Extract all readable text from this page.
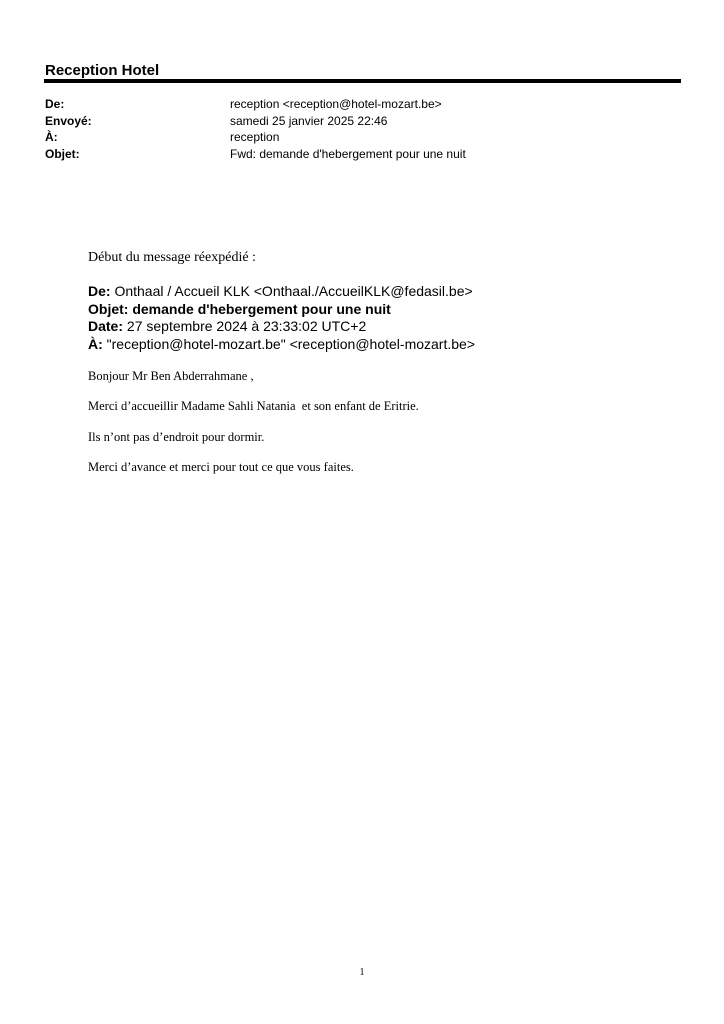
Reception Hotel
De:	reception <reception@hotel-mozart.be>
Envoyé:	samedi 25 janvier 2025 22:46
À:	reception
Objet:	Fwd: demande d'hebergement pour une nuit
Début du message réexpédié :
De: Onthaal / Accueil KLK <Onthaal./AccueilKLK@fedasil.be>
Objet: demande d'hebergement pour une nuit
Date: 27 septembre 2024 à 23:33:02 UTC+2
À: "reception@hotel-mozart.be" <reception@hotel-mozart.be>
Bonjour Mr Ben Abderrahmane ,
Merci d’accueillir Madame Sahli Natania  et son enfant de Eritrie.
Ils n’ont pas d’endroit pour dormir.
Merci d’avance et merci pour tout ce que vous faites.
1
